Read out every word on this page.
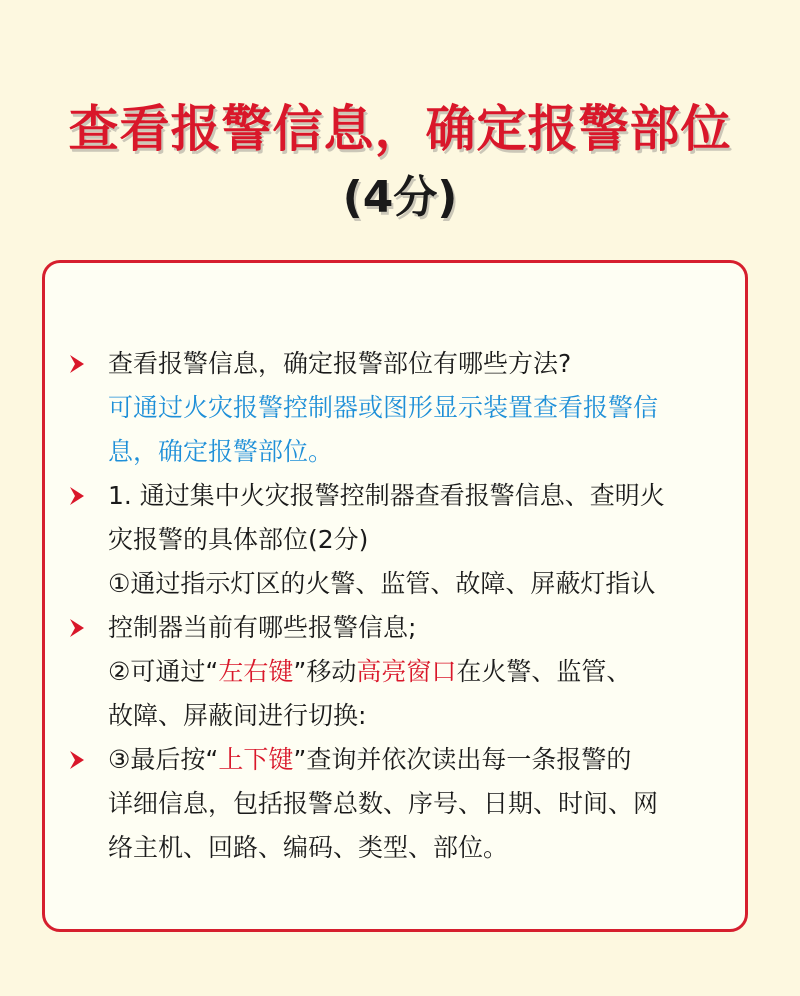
查看报警信息，确定报警部位
(4分)
查看报警信息，确定报警部位有哪些方法?
可通过火灾报警控制器或图形显示装置查看报警信
息，确定报警部位。
1. 通过集中火灾报警控制器查看报警信息、查明火
灾报警的具体部位(2分)
①通过指示灯区的火警、监管、故障、屏蔽灯指认
控制器当前有哪些报警信息;
②可通过“左右键”移动高亮窗口在火警、监管、
故障、屏蔽间进行切换:
③最后按“上下键”查询并依次读出每一条报警的
详细信息，包括报警总数、序号、日期、时间、网
络主机、回路、编码、类型、部位。
